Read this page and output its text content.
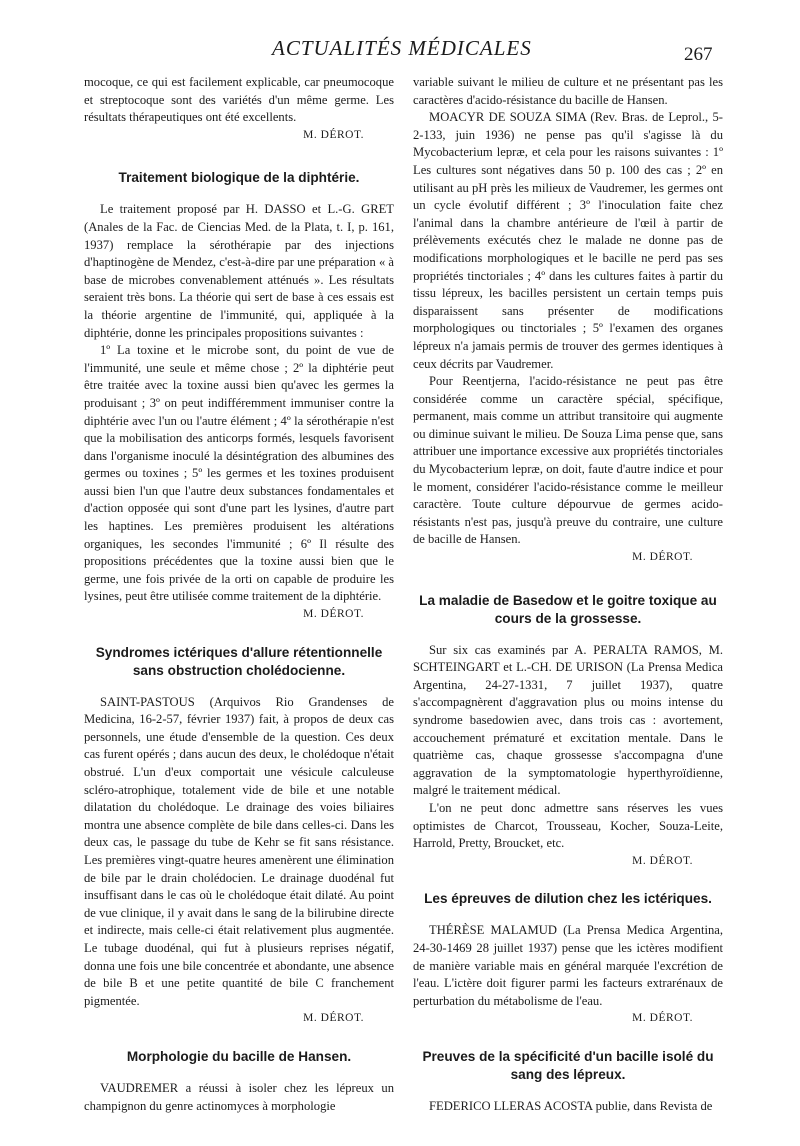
ACTUALITÉS MÉDICALES	267

mocoque, ce qui est facilement explicable, car pneumocoque et streptocoque sont des variétés d'un même germe. Les résultats thérapeutiques ont été excellents.

M. DÉROT.

Traitement biologique de la diphtérie.

Le traitement proposé par H. DASSO et L.-G. GRET (Anales de la Fac. de Ciencias Med. de la Plata, t. I, p. 161, 1937) remplace la sérothérapie par des injections d'haptinogène de Mendez, c'est-à-dire par une préparation « à base de microbes convenablement atténués ». Les résultats seraient très bons. La théorie qui sert de base à ces essais est la théorie argentine de l'immunité, qui, appliquée à la diphtérie, donne les principales propositions suivantes :

1º La toxine et le microbe sont, du point de vue de l'immunité, une seule et même chose ; 2º la diphtérie peut être traitée avec la toxine aussi bien qu'avec les germes la produisant ; 3º on peut indifféremment immuniser contre la diphtérie avec l'un ou l'autre élément ; 4º la sérothérapie n'est que la mobilisation des anticorps formés, lesquels favorisent dans l'organisme inoculé la désintégration des albumines des germes ou toxines ; 5º les germes et les toxines produisent aussi bien l'un que l'autre deux substances fondamentales et d'action opposée qui sont d'une part les lysines, d'autre part les haptines. Les premières produisent les altérations organiques, les secondes l'immunité ; 6º Il résulte des propositions précédentes que la toxine aussi bien que le germe, une fois privée de la orti on capable de produire les lysines, peut être utilisée comme traitement de la diphtérie.

M. DÉROT.

Syndromes ictériques d'allure rétentionnelle sans obstruction cholédocienne.

SAINT-PASTOUS (Arquivos Rio Grandenses de Medicina, 16-2-57, février 1937) fait, à propos de deux cas personnels, une étude d'ensemble de la question. Ces deux cas furent opérés ; dans aucun des deux, le cholédoque n'était obstrué. L'un d'eux comportait une vésicule calculeuse scléro-atrophique, totalement vide de bile et une notable dilatation du cholédoque. Le drainage des voies biliaires montra une absence complète de bile dans celles-ci. Dans les deux cas, le passage du tube de Kehr se fit sans résistance. Les premières vingt-quatre heures amenèrent une élimination de bile par le drain cholédocien. Le drainage duodénal fut insuffisant dans le cas où le cholédoque était dilaté. Au point de vue clinique, il y avait dans le sang de la bilirubine directe et indirecte, mais celle-ci était relativement plus augmentée. Le tubage duodénal, qui fut à plusieurs reprises négatif, donna une fois une bile concentrée et abondante, une absence de bile B et une petite quantité de bile C franchement pigmentée.

M. DÉROT.

Morphologie du bacille de Hansen.

VAUDREMER a réussi à isoler chez les lépreux un champignon du genre actinomyces à morphologie

variable suivant le milieu de culture et ne présentant pas les caractères d'acido-résistance du bacille de Hansen.

MOACYR DE SOUZA SIMA (Rev. Bras. de Leprol., 5-2-133, juin 1936) ne pense pas qu'il s'agisse là du Mycobacterium lepræ, et cela pour les raisons suivantes : 1º Les cultures sont négatives dans 50 p. 100 des cas ; 2º en utilisant au pH près les milieux de Vaudremer, les germes ont un cycle évolutif différent ; 3º l'inoculation faite chez l'animal dans la chambre antérieure de l'œil à partir de prélèvements exécutés chez le malade ne donne pas de modifications morphologiques et le bacille ne perd pas ses propriétés tinctoriales ; 4º dans les cultures faites à partir du tissu lépreux, les bacilles persistent un certain temps puis disparaissent sans présenter de modifications morphologiques ou tinctoriales ; 5º l'examen des organes lépreux n'a jamais permis de trouver des germes identiques à ceux décrits par Vaudremer.

Pour Reentjerna, l'acido-résistance ne peut pas être considérée comme un caractère spécial, spécifique, permanent, mais comme un attribut transitoire qui augmente ou diminue suivant le milieu. De Souza Lima pense que, sans attribuer une importance excessive aux propriétés tinctoriales du Mycobacterium lepræ, on doit, faute d'autre indice et pour le moment, considérer l'acido-résistance comme le meilleur caractère. Toute culture dépourvue de germes acido-résistants n'est pas, jusqu'à preuve du contraire, une culture de bacille de Hansen.

M. DÉROT.

La maladie de Basedow et le goitre toxique au cours de la grossesse.

Sur six cas examinés par A. PERALTA RAMOS, M. SCHTEINGART et L.-CH. DE URISON (La Prensa Medica Argentina, 24-27-1331, 7 juillet 1937), quatre s'accompagnèrent d'aggravation plus ou moins intense du syndrome basedowien avec, dans trois cas : avortement, accouchement prématuré et excitation mentale. Dans le quatrième cas, chaque grossesse s'accompagna d'une aggravation de la symptomatologie hyperthyroïdienne, malgré le traitement médical.

L'on ne peut donc admettre sans réserves les vues optimistes de Charcot, Trousseau, Kocher, Souza-Leite, Harrold, Pretty, Broucket, etc.

M. DÉROT.

Les épreuves de dilution chez les ictériques.

THÉRÈSE MALAMUD (La Prensa Medica Argentina, 24-30-1469 28 juillet 1937) pense que les ictères modifient de manière variable mais en général marquée l'excrétion de l'eau. L'ictère doit figurer parmi les facteurs extrarénaux de perturbation du métabolisme de l'eau.

M. DÉROT.

Preuves de la spécificité d'un bacille isolé du sang des lépreux.

FEDERICO LLERAS ACOSTA publie, dans Revista de
